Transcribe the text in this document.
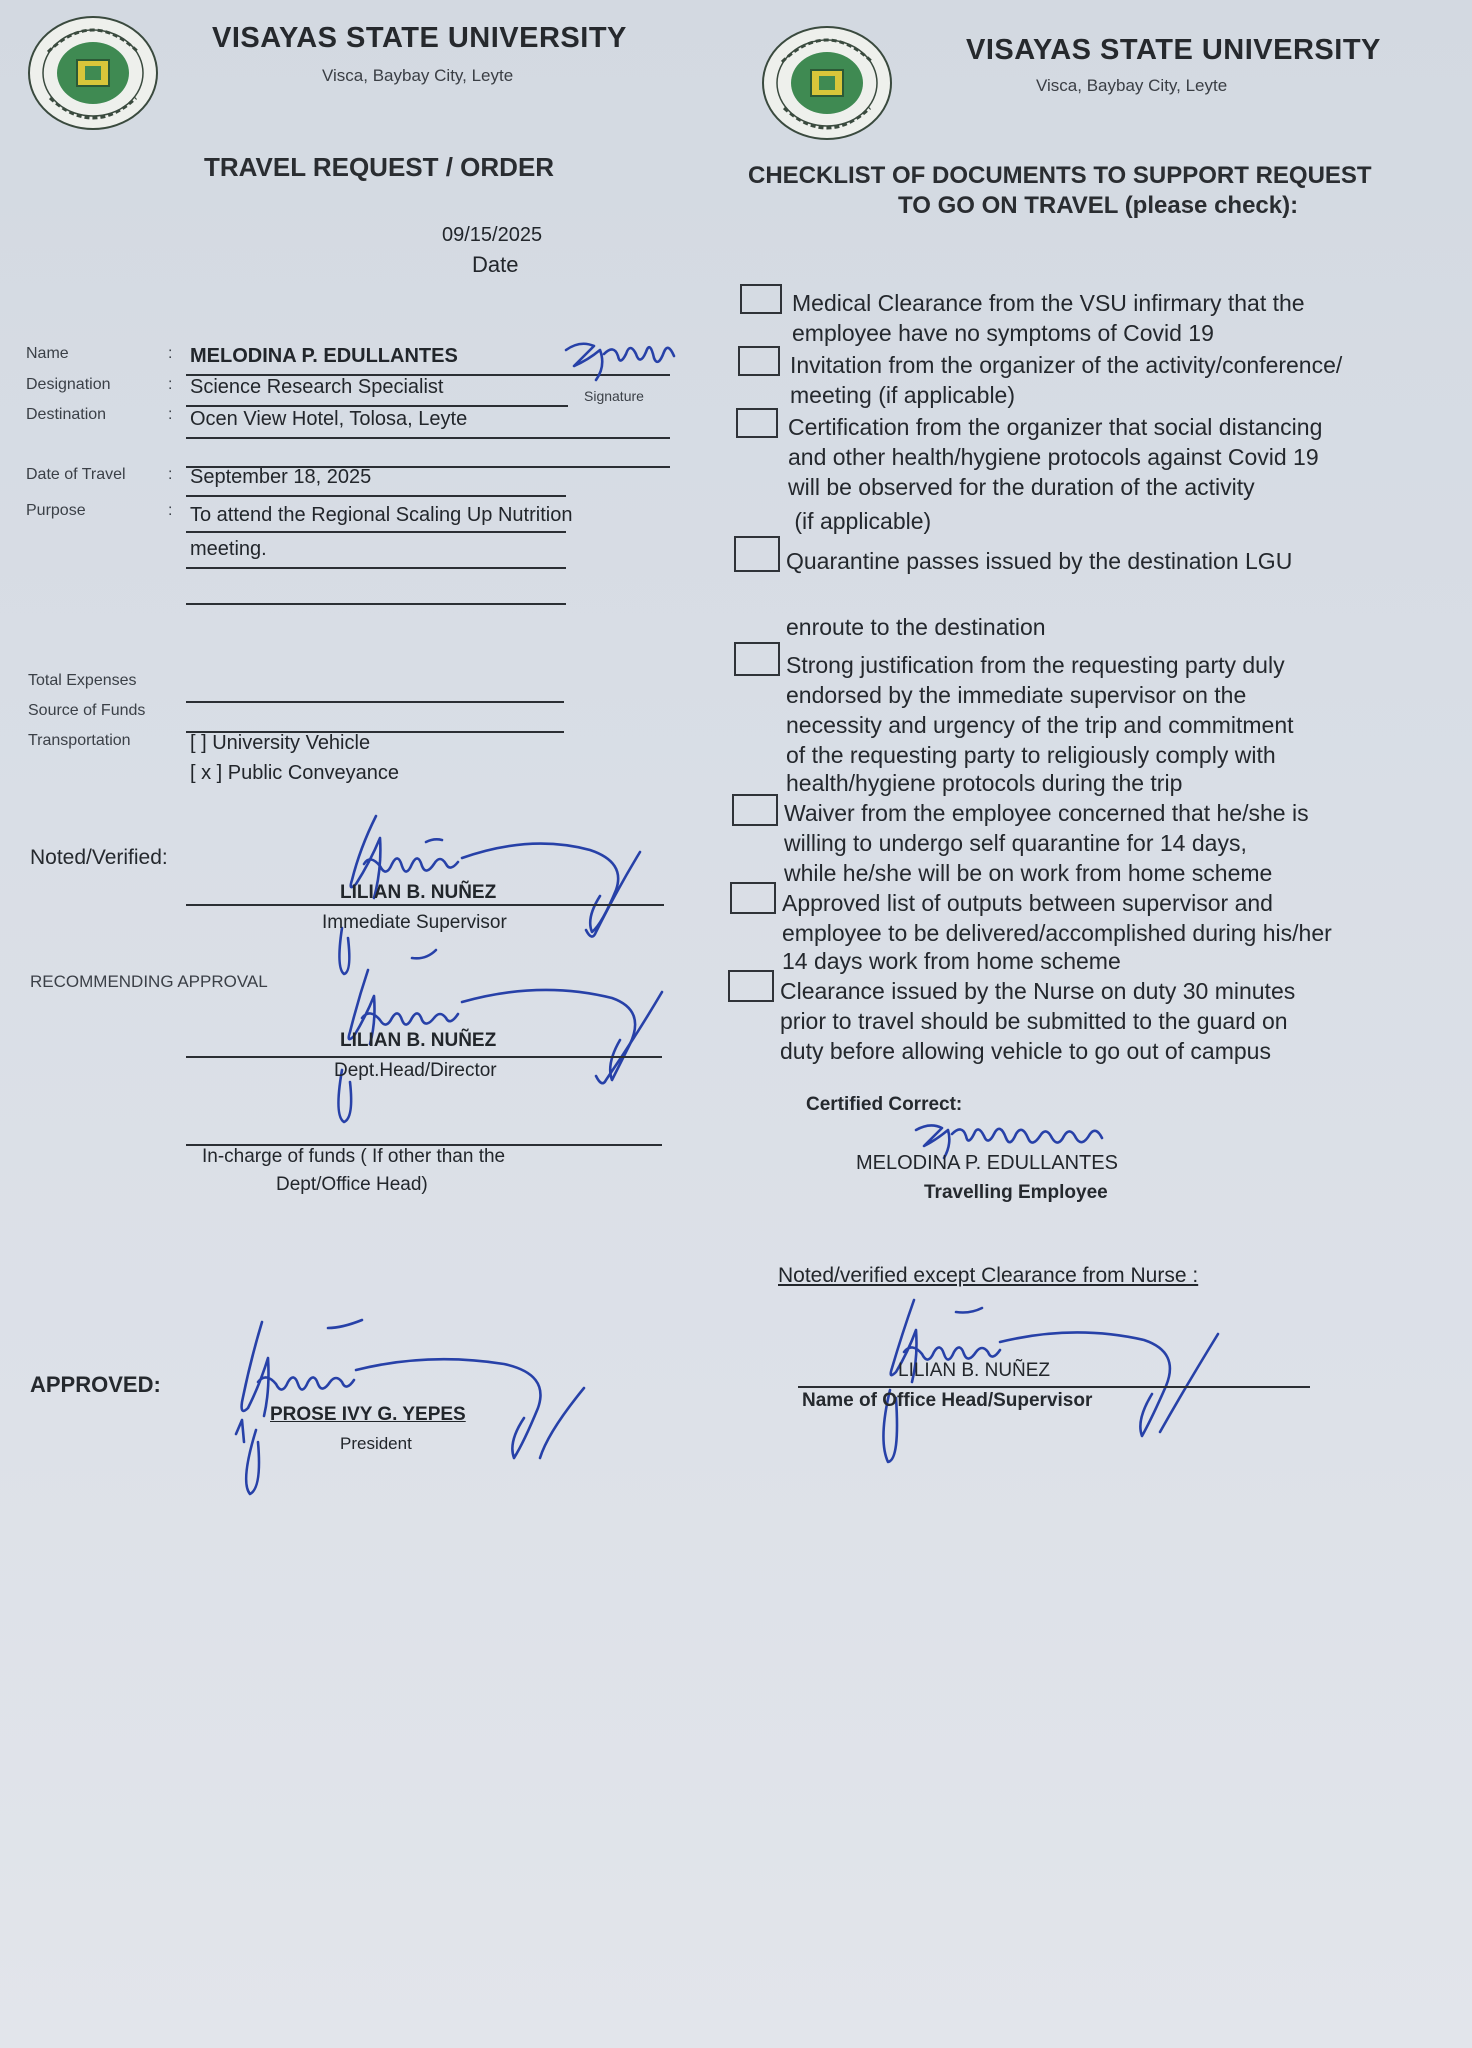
VISAYAS STATE UNIVERSITY
Visca, Baybay City, Leyte
TRAVEL REQUEST / ORDER
09/15/2025
Date
Name	: MELODINA P. EDULLANTES
Signature
Designation	: Science Research Specialist
Destination	: Ocen View Hotel, Tolosa, Leyte
Date of Travel	: September 18, 2025
Purpose	: To attend the Regional Scaling Up Nutrition
meeting.
Total Expenses
Source of Funds
Transportation	[ ] University Vehicle
[ x ] Public Conveyance
Noted/Verified:
LILIAN B. NUÑEZ
Immediate Supervisor
RECOMMENDING APPROVAL
LILIAN B. NUÑEZ
Dept.Head/Director
In-charge of funds ( If other than the
Dept/Office Head)
APPROVED:
PROSE IVY G. YEPES
President
VISAYAS STATE UNIVERSITY
Visca, Baybay City, Leyte
CHECKLIST OF DOCUMENTS TO SUPPORT REQUEST
TO GO ON TRAVEL (please check):
Medical Clearance from the VSU infirmary that the
employee have no symptoms of Covid 19
Invitation from the organizer of the activity/conference/
meeting (if applicable)
Certification from the organizer that social distancing
and other health/hygiene protocols against Covid 19
will be observed for the duration of the activity
(if applicable)
Quarantine passes issued by the destination LGU
enroute to the destination
Strong justification from the requesting party duly
endorsed by the immediate supervisor on the
necessity and urgency of the trip and commitment
of the requesting party to religiously comply with
health/hygiene protocols during the trip
Waiver from the employee concerned that he/she is
willing to undergo self quarantine for 14 days,
while he/she will be on work from home scheme
Approved list of outputs between supervisor and
employee to be delivered/accomplished during his/her
14 days work from home scheme
Clearance issued by the Nurse on duty 30 minutes
prior to travel should be submitted to the guard on
duty before allowing vehicle to go out of campus
Certified Correct:
MELODINA P. EDULLANTES
Travelling Employee
Noted/verified except Clearance from Nurse :
LILIAN B. NUÑEZ
Name of Office Head/Supervisor
